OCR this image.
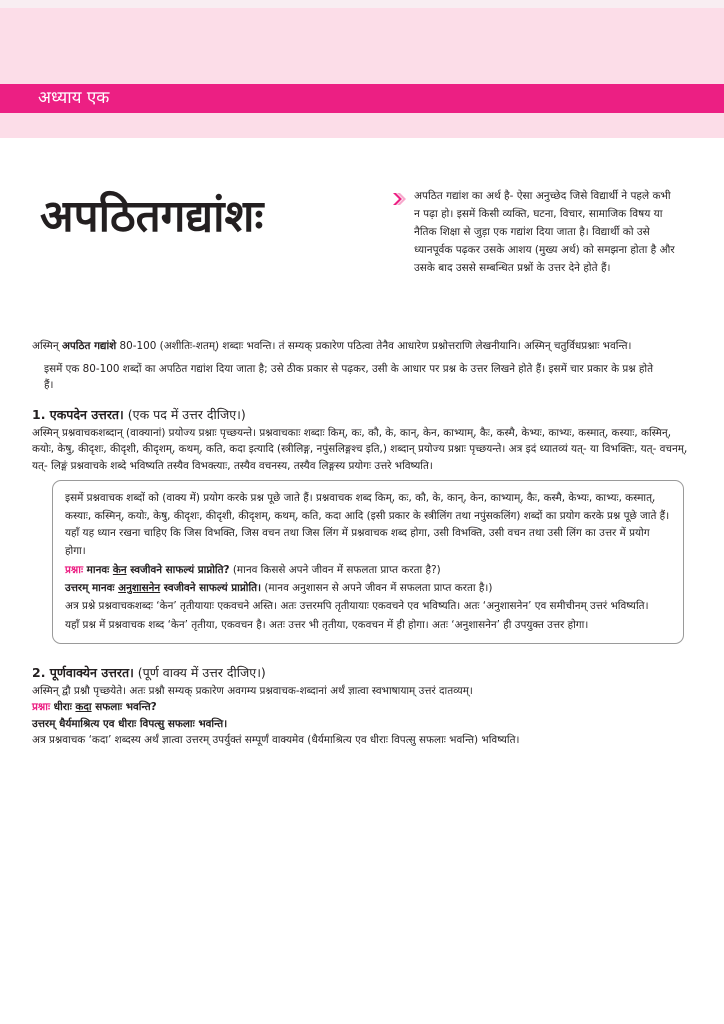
अध्याय एक
अपठितगद्यांशः	अपठित गद्यांश का अर्थ है- ऐसा अनुच्छेद जिसे विद्यार्थी ने पहले कभी न पढ़ा हो। इसमें किसी व्यक्ति, घटना, विचार, सामाजिक विषय या नैतिक शिक्षा से जुड़ा एक गद्यांश दिया जाता है। विद्यार्थी को उसे ध्यानपूर्वक पढ़कर उसके आशय (मुख्य अर्थ) को समझना होता है और उसके बाद उससे सम्बन्धित प्रश्नों के उत्तर देने होते हैं।

अस्मिन् अपठित गद्यांशे 80-100 (अशीतिः-शतम्) शब्दाः भवन्ति। तं सम्यक् प्रकारेण पठित्वा तेनैव आधारेण प्रश्नोत्तराणि लेखनीयानि। अस्मिन् चतुर्विधप्रश्नाः भवन्ति।

इसमें एक 80-100 शब्दों का अपठित गद्यांश दिया जाता है; उसे ठीक प्रकार से पढ़कर, उसी के आधार पर प्रश्न के उत्तर लिखने होते हैं। इसमें चार प्रकार के प्रश्न होते हैं।

1. एकपदेन उत्तरत। (एक पद में उत्तर दीजिए।)

अस्मिन् प्रश्नवाचकशब्दान् (वाक्यानां) प्रयोज्य प्रश्नाः पृच्छयन्ते। प्रश्नवाचकाः शब्दाः किम्, कः, कौ, के, कान्, केन, काभ्याम्, कैः, कस्मै, केभ्यः, काभ्यः, कस्मात्, कस्याः, कस्मिन्, कयोः, केषु, कीदृशः, कीदृशी, कीदृशम्, कथम्, कति, कदा इत्यादि (स्त्रीलिङ्ग, नपुंसलिङ्गश्च इति,) शब्दान् प्रयोज्य प्रश्नाः पृच्छयन्ते। अत्र इदं ध्यातव्यं यत्- या विभक्तिः, यत्- वचनम्, यत्- लिङ्गं प्रश्नवाचके शब्दे भविष्यति तस्यैव विभक्त्याः, तस्यैव वचनस्य, तस्यैव लिङ्गस्य प्रयोगः उत्तरे भविष्यति।

इसमें प्रश्नवाचक शब्दों को (वाक्य में) प्रयोग करके प्रश्न पूछे जाते हैं। प्रश्नवाचक शब्द किम्, कः, कौ, के, कान्, केन, काभ्याम्, कैः, कस्मै, केभ्यः, काभ्यः, कस्मात्, कस्याः, कस्मिन्, कयोः, केषु, कीदृशः, कीदृशी, कीदृशम्, कथम्, कति, कदा आदि (इसी प्रकार के स्त्रीलिंग तथा नपुंसकलिंग) शब्दों का प्रयोग करके प्रश्न पूछे जाते हैं। यहाँ यह ध्यान रखना चाहिए कि जिस विभक्ति, जिस वचन तथा जिस लिंग में प्रश्नवाचक शब्द होगा, उसी विभक्ति, उसी वचन तथा उसी लिंग का उत्तर में प्रयोग होगा।
प्रश्नाः मानवः केन स्वजीवने साफल्यं प्राप्नोति? (मानव किससे अपने जीवन में सफलता प्राप्त करता है?)
उत्तरम् मानवः अनुशासनेन स्वजीवने साफल्यं प्राप्नोति। (मानव अनुशासन से अपने जीवन में सफलता प्राप्त करता है।)
अत्र प्रश्ने प्रश्नवाचकशब्दः ‘केन’ तृतीयायाः एकवचने अस्ति। अतः उत्तरमपि तृतीयायाः एकवचने एव भविष्यति। अतः ‘अनुशासनेन’ एव समीचीनम् उत्तरं भविष्यति।
यहाँ प्रश्न में प्रश्नवाचक शब्द ‘केन’ तृतीया, एकवचन है। अतः उत्तर भी तृतीया, एकवचन में ही होगा। अतः ‘अनुशासनेन’ ही उपयुक्त उत्तर होगा।
2. पूर्णवाक्येन उत्तरत। (पूर्ण वाक्य में उत्तर दीजिए।)

अस्मिन् द्वौ प्रश्नौ पृच्छयेते। अतः प्रश्नौ सम्यक् प्रकारेण अवगम्य प्रश्नवाचक-शब्दानां अर्थं ज्ञात्वा स्वभाषायाम् उत्तरं दातव्यम्।

प्रश्नाः धीराः कदा सफलाः भवन्ति?

उत्तरम् धैर्यमाश्रित्य एव धीराः विपत्सु सफलाः भवन्ति।

अत्र प्रश्नवाचक ‘कदा’ शब्दस्य अर्थं ज्ञात्वा उत्तरम् उपर्युक्तं सम्पूर्णं वाक्यमेव (धैर्यमाश्रित्य एव धीराः विपत्सु सफलाः भवन्ति) भविष्यति।
